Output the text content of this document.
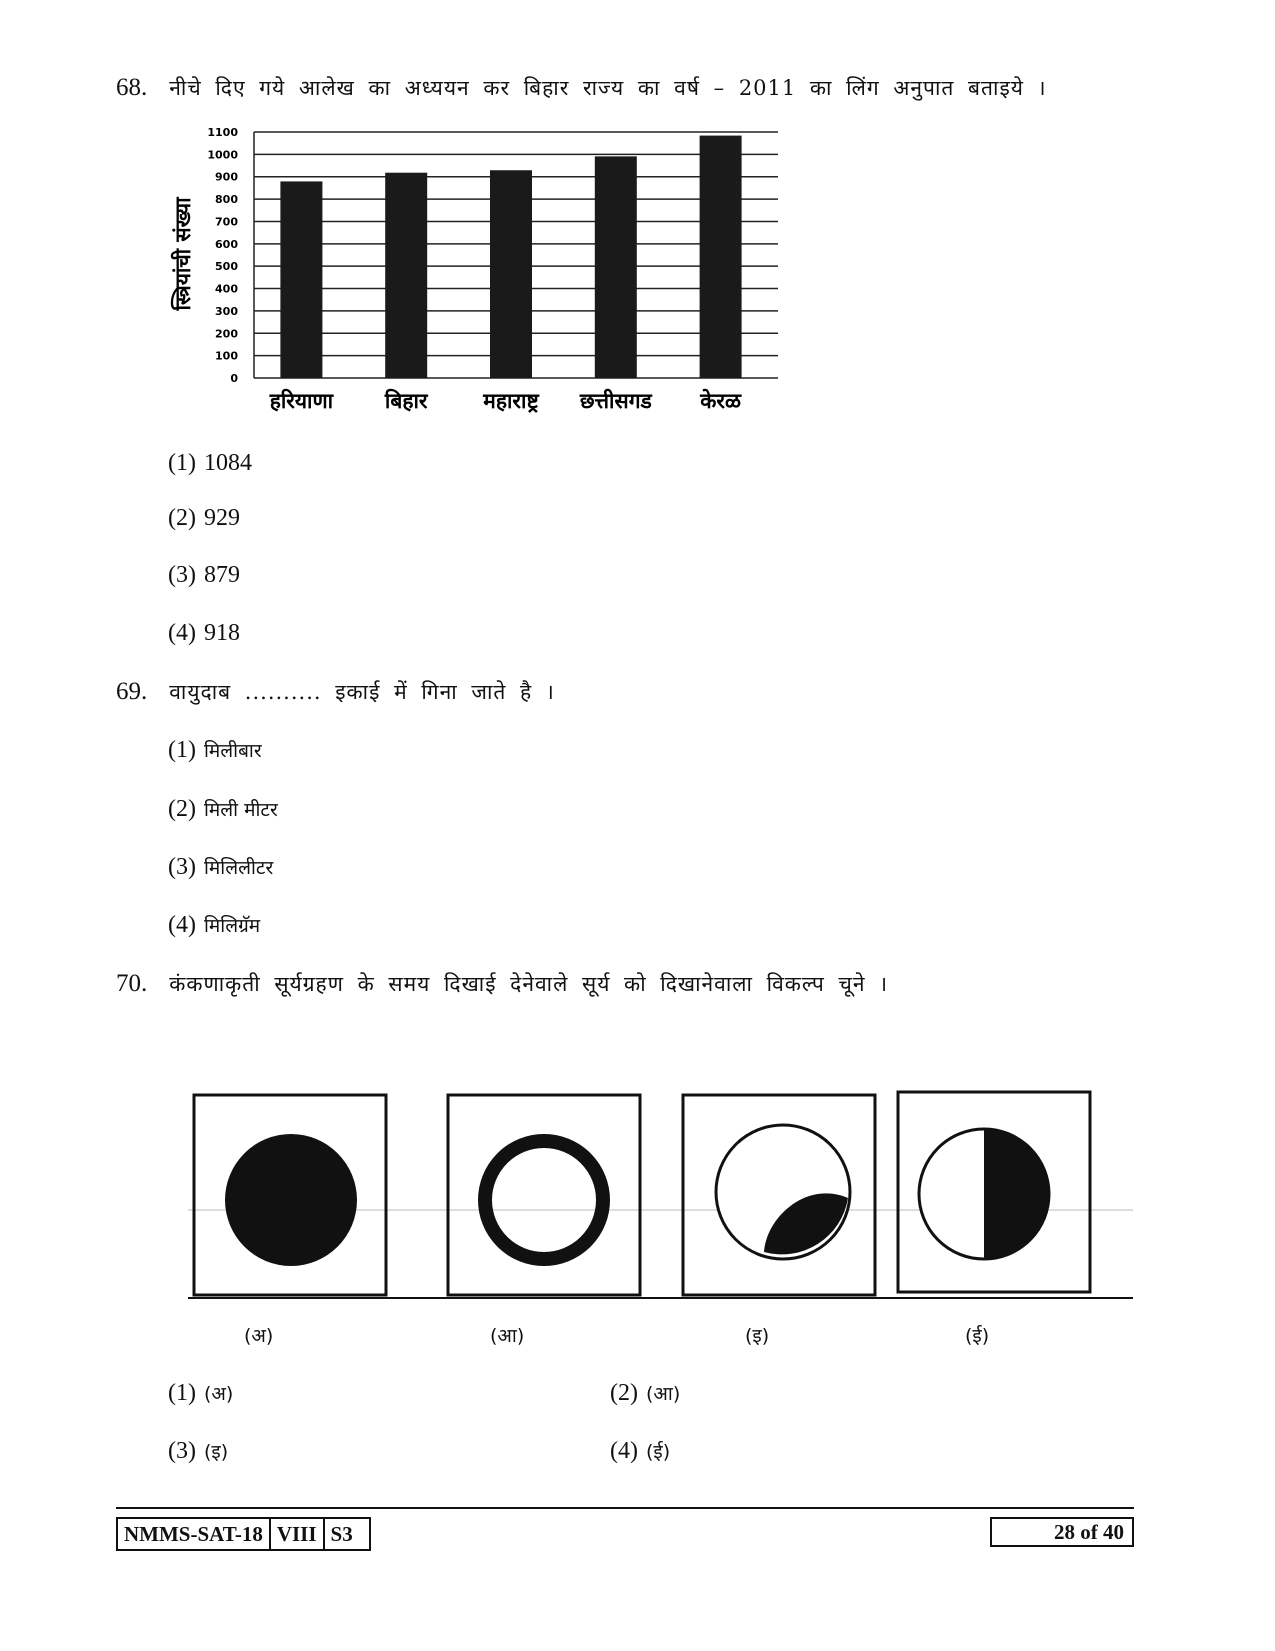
68. नीचे दिए गये आलेख का अध्ययन कर बिहार राज्य का वर्ष – 2011 का लिंग अनुपात बताइये ।
0
100
200
300
400
500
600
700
800
900
1000
1100
हरियाणा बिहार	महाराष्ट्र छत्तीसगड केरळ
स्त्रियांची संख्या
(1) 1084
(2) 929
(3) 879
(4) 918
69. वायुदाब .......... इकाई में गिना जाते है ।
(1) मिलीबार
(2) मिली मीटर
(3) मिलिलीटर
(4) मिलिग्रॅम
70. कंकणाकृती सूर्यग्रहण के समय दिखाई देनेवाले सूर्य को दिखानेवाला विकल्प चूने ।
(अ)	(आ)	(इ)	(ई)
(1) (अ)	(2) (आ)
(3) (इ)	(4) (ई)
NMMS-SAT-18 VIII S3	28 of 40
